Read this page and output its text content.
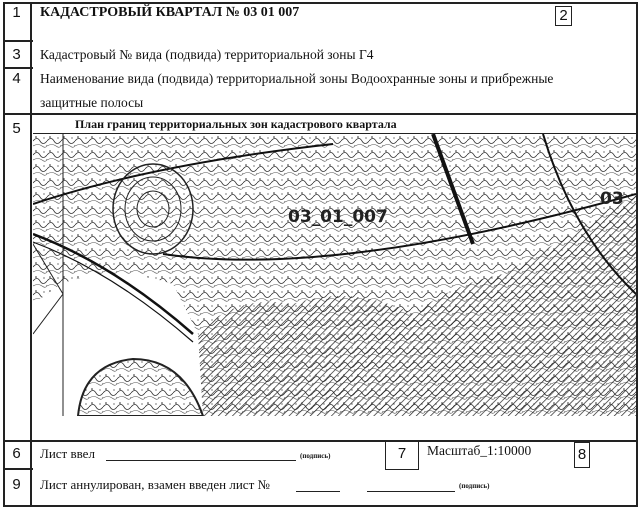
1	КАДАСТРОВЫЙ КВАРТАЛ № 03 01 007	2
3	Кадастровый № вида (подвида) территориальной зоны Г4
4	Наименование вида (подвида) территориальной зоны Водоохранные зоны и прибрежные
защитные полосы
5	План границ территориальных зон кадастрового квартала
03_01_007
03
6	Лист ввел	(подпись)	7	Масштаб_1:10000	8
9	Лист аннулирован, взамен введен лист №	(подпись)
